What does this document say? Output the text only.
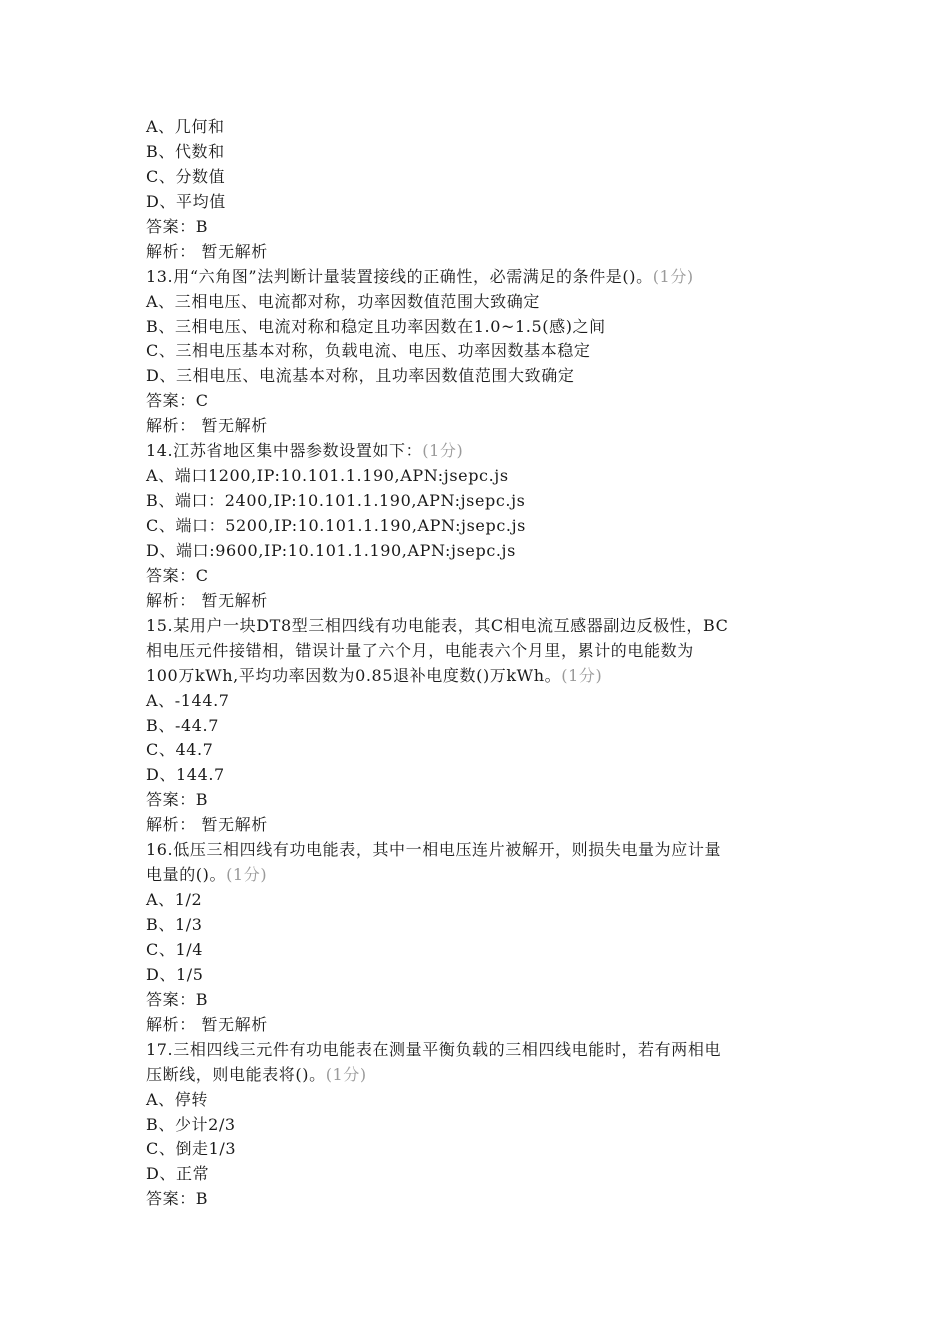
A、几何和
B、代数和
C、分数值
D、平均值
答案：B
解析： 暂无解析
13.用“六角图”法判断计量装置接线的正确性，必需满足的条件是()。(1分)
A、三相电压、电流都对称，功率因数值范围大致确定
B、三相电压、电流对称和稳定且功率因数在1.0~1.5(感)之间
C、三相电压基本对称，负载电流、电压、功率因数基本稳定
D、三相电压、电流基本对称，且功率因数值范围大致确定
答案：C
解析： 暂无解析
14.江苏省地区集中器参数设置如下：(1分)
A、端口1200,IP:10.101.1.190,APN:jsepc.js
B、端口：2400,IP:10.101.1.190,APN:jsepc.js
C、端口：5200,IP:10.101.1.190,APN:jsepc.js
D、端口:9600,IP:10.101.1.190,APN:jsepc.js
答案：C
解析： 暂无解析
15.某用户一块DT8型三相四线有功电能表，其C相电流互感器副边反极性，BC
相电压元件接错相，错误计量了六个月，电能表六个月里，累计的电能数为
100万kWh,平均功率因数为0.85退补电度数()万kWh。(1分)
A、-144.7
B、-44.7
C、44.7
D、144.7
答案：B
解析： 暂无解析
16.低压三相四线有功电能表，其中一相电压连片被解开，则损失电量为应计量
电量的()。(1分)
A、1/2
B、1/3
C、1/4
D、1/5
答案：B
解析： 暂无解析
17.三相四线三元件有功电能表在测量平衡负载的三相四线电能时，若有两相电
压断线，则电能表将()。(1分)
A、停转
B、少计2/3
C、倒走1/3
D、正常
答案：B
